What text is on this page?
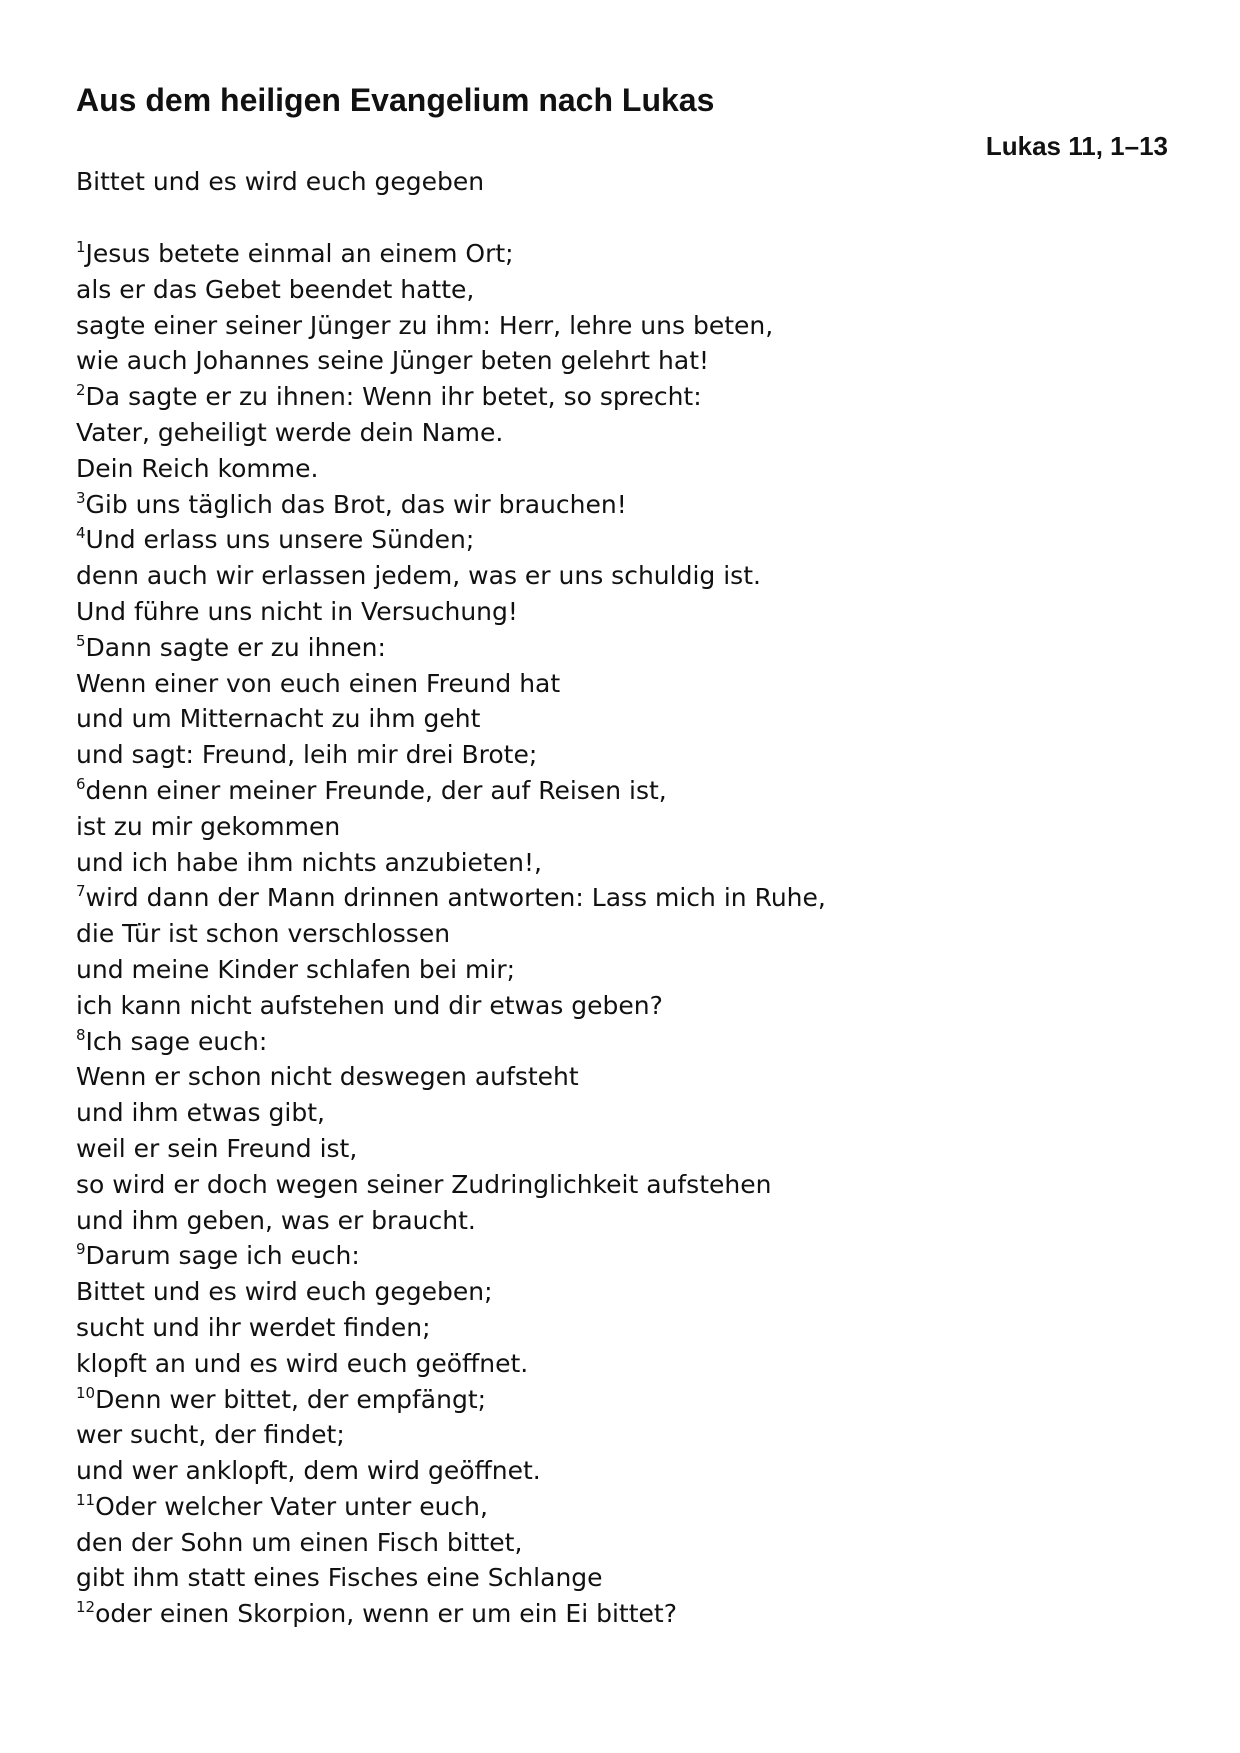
Aus dem heiligen Evangelium nach Lukas
Lukas 11, 1–13
Bittet und es wird euch gegeben
$^1$Jesus betete einmal an einem Ort;
als er das Gebet beendet hatte,
sagte einer seiner Jünger zu ihm: Herr, lehre uns beten,
wie auch Johannes seine Jünger beten gelehrt hat!
$^2$Da sagte er zu ihnen: Wenn ihr betet, so sprecht:
Vater, geheiligt werde dein Name.
Dein Reich komme.
$^3$Gib uns täglich das Brot, das wir brauchen!
$^4$Und erlass uns unsere Sünden;
denn auch wir erlassen jedem, was er uns schuldig ist.
Und führe uns nicht in Versuchung!
$^5$Dann sagte er zu ihnen:
Wenn einer von euch einen Freund hat
und um Mitternacht zu ihm geht
und sagt: Freund, leih mir drei Brote;
$^6$denn einer meiner Freunde, der auf Reisen ist,
ist zu mir gekommen
und ich habe ihm nichts anzubieten!,
$^7$wird dann der Mann drinnen antworten: Lass mich in Ruhe,
die Tür ist schon verschlossen
und meine Kinder schlafen bei mir;
ich kann nicht aufstehen und dir etwas geben?
$^8$Ich sage euch:
Wenn er schon nicht deswegen aufsteht
und ihm etwas gibt,
weil er sein Freund ist,
so wird er doch wegen seiner Zudringlichkeit aufstehen
und ihm geben, was er braucht.
$^9$Darum sage ich euch:
Bittet und es wird euch gegeben;
sucht und ihr werdet finden;
klopft an und es wird euch geöffnet.
$^{10}$Denn wer bittet, der empfängt;
wer sucht, der findet;
und wer anklopft, dem wird geöffnet.
$^{11}$Oder welcher Vater unter euch,
den der Sohn um einen Fisch bittet,
gibt ihm statt eines Fisches eine Schlange
$^{12}$oder einen Skorpion, wenn er um ein Ei bittet?
